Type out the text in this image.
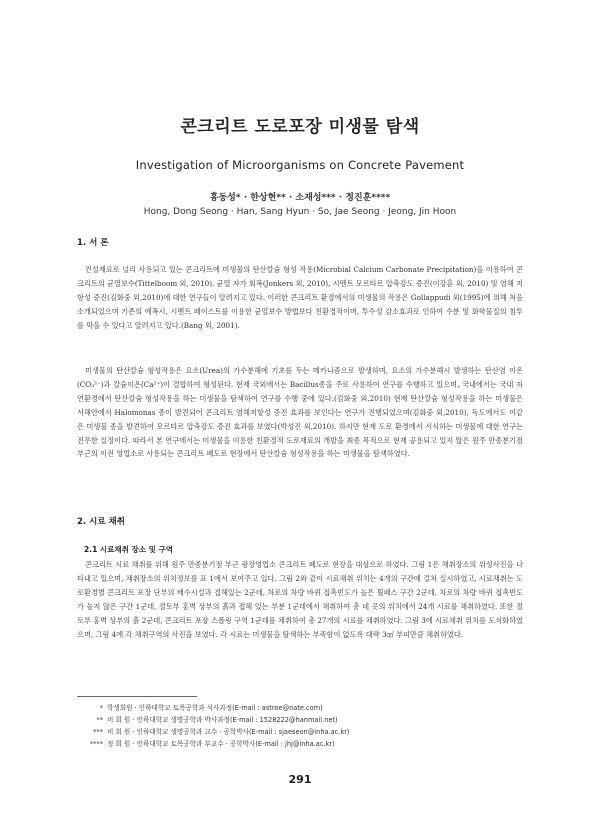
콘크리트 도로포장 미생물 탐색
Investigation of Microorganisms on Concrete Pavement
홍동성* · 한상현** · 소재성*** · 정진훈****
Hong, Dong Seong · Han, Sang Hyun · So, Jae Seong · Jeong, Jin Hoon
1. 서 론

건설재료로 널리 사용되고 있는 콘크리트에 미생물의 탄산칼슘 형성 작용(Microbial Calcium Carbonate Precipitation)을 이용하여 콘크리트의 균열보수(Tittelboom 외, 2010), 균열 자가 회복(Jonkers 외, 2010), 시멘트 모르타르 압축강도 증진(이강훈 외, 2010) 및 염해 저항성 증진(김화중 외,2010)에 대한 연구들이 알려지고 있다. 이러한 콘크리트 환경에서의 미생물의 작용은 Gollappudi 외(1995)에 의해 처음 소개되었으며 기존의 에폭시, 시멘트 페이스트를 이용한 균열보수 방법보다 친환경적이며, 투수성 감소효과로 인하여 수분 및 화학물질의 침투를 막을 수 있다고 알려지고 있다.(Bang 외, 2001).

미생물의 탄산칼슘 형성작용은 요소(Urea)의 가수분해에 기초를 두는 메카니즘으로 발생하며, 요소의 가수분해시 발생하는 탄산염 이온(CO₃²⁻)과 칼슘이온(Ca²⁺)이 결합하여 형성된다. 현재 국외에서는 Bacillus종을 주로 사용하여 연구를 수행하고 있으며, 국내에서는 국내 자연환경에서 탄산칼슘 형성작용을 하는 미생물을 탐색하여 연구를 수행 중에 있다.(김화중 외,2010) 현재 탄산칼슘 형성작용을 하는 미생물은 서해안에서 Halomonas 종이 발견되어 콘크리트 염해저항성 증진 효과를 보인다는 연구가 진행되었으며(김화중 외,2010), 독도에서도 이같은 미생물 종을 발견하여 모르타르 압축강도 증진 효과를 보였다(박성진 외,2010). 하지만 현재 도로 환경에서 서식하는 미생물에 대한 연구는 전무한 실정이다. 따라서 본 연구에서는 미생물을 이용한 친환경적 도로재료의 개발을 최종 목적으로 현재 공용되고 있지 않은 원주 만종분기점 부근의 이전 영업소로 사용되는 콘크리트 폐도로 현장에서 탄산칼슘 형성작용을 하는 미생물을 탐색하였다.

2. 시료 채취
2.1 시료채취 장소 및 구역

콘크리트 시료 채취를 위해 원주 만종분기점 부근 광장영업소 콘크리트 폐도로 현장을 대상으로 하였다. 그림 1은 채취장소의 위성사진을 나타내고 있으며, 채취장소의 위치정보를 표 1에서 보여주고 있다. 그림 2와 같이 시료채취 위치는 4개의 구간에 걸쳐 실시하였고, 시료채취는 도로환경별 콘크리트 포장 단부의 배수시설과 접해있는 2군데, 차로의 차량 바퀴 접촉빈도가 높은 휠패스 구간 2군데, 차로의 차량 바퀴 접촉빈도가 높지 않은 구간 1군데, 절토부 홍벽 상부의 흙과 접해 있는 부분 1군데에서 채취하여 총 네 곳의 위치에서 24개 시료를 채취하였다. 또한 절토부 홍벽 상부의 흙 2군데, 콘크리트 포장 스폴링 구역 1군데를 채취하여 총 27개의 시료를 채취하였다. 그림 3에 시료채취 위치를 도식화하였으며, 그림 4에 각 채취구역의 사진을 보였다. 각 시료는 미생물을 탐색하는 부족함이 없도록 대략 3㎤ 부피만큼 채취하였다.

* 학생회원 · 인하대학교 토목공학과 석사과정(E-mail : astroe@nate.com)
** 비 회 원 · 인하대학교 생명공학과 박사과정(E-mail : 1528222@hanmail.net)
*** 비 회 원 · 인하대학교 생명공학과 교수 · 공학박사(E-mail : sjaeseon@inha.ac.kr)
**** 정 회 원 · 인하대학교 토목공학과 부교수 · 공학박사(E-mail : jhj@inha.ac.kr)
291
